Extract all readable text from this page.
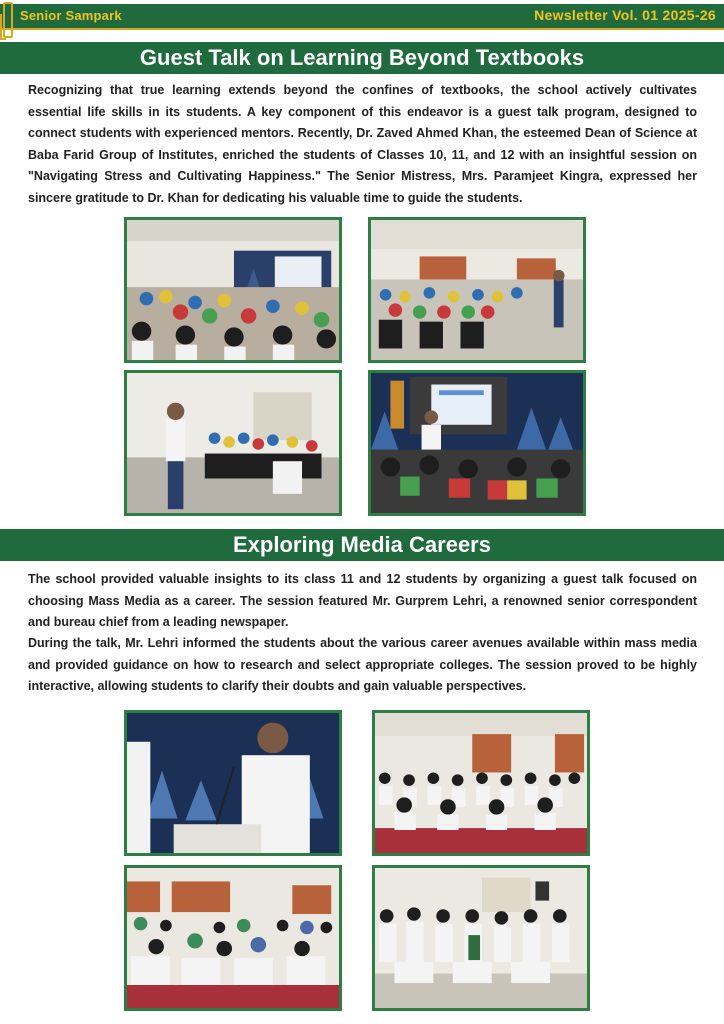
Senior Sampark	Newsletter Vol. 01 2025-26
Guest Talk on Learning Beyond Textbooks

Recognizing that true learning extends beyond the confines of textbooks, the school actively cultivates essential life skills in its students. A key component of this endeavor is a guest talk program, designed to connect students with experienced mentors. Recently, Dr. Zaved Ahmed Khan, the esteemed Dean of Science at Baba Farid Group of Institutes, enriched the students of Classes 10, 11, and 12 with an insightful session on "Navigating Stress and Cultivating Happiness." The Senior Mistress, Mrs. Paramjeet Kingra, expressed her sincere gratitude to Dr. Khan for dedicating his valuable time to guide the students.

Exploring Media Careers

The school provided valuable insights to its class 11 and 12 students by organizing a guest talk focused on choosing Mass Media as a career. The session featured Mr. Gurprem Lehri, a renowned senior correspondent and bureau chief from a leading newspaper.

During the talk, Mr. Lehri informed the students about the various career avenues available within mass media and provided guidance on how to research and select appropriate colleges. The session proved to be highly interactive, allowing students to clarify their doubts and gain valuable perspectives.
